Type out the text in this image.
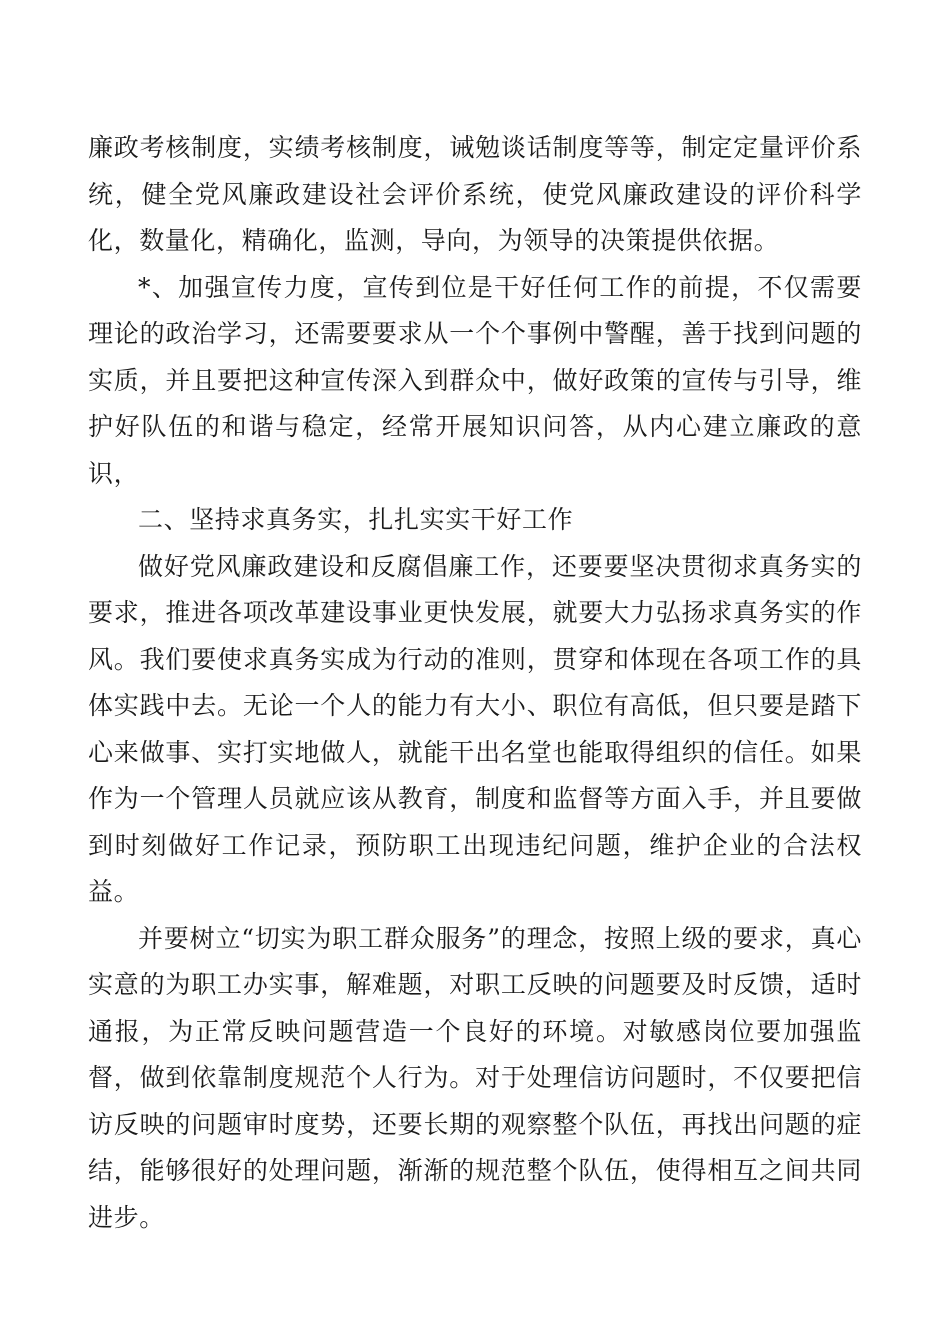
廉政考核制度，实绩考核制度，诫勉谈话制度等等，制定定量评价系统，健全党风廉政建设社会评价系统，使党风廉政建设的评价科学化，数量化，精确化，监测，导向，为领导的决策提供依据。

*、加强宣传力度，宣传到位是干好任何工作的前提，不仅需要理论的政治学习，还需要要求从一个个事例中警醒，善于找到问题的实质，并且要把这种宣传深入到群众中，做好政策的宣传与引导，维护好队伍的和谐与稳定，经常开展知识问答，从内心建立廉政的意识，

二、坚持求真务实，扎扎实实干好工作

做好党风廉政建设和反腐倡廉工作，还要要坚决贯彻求真务实的要求，推进各项改革建设事业更快发展，就要大力弘扬求真务实的作风。我们要使求真务实成为行动的准则，贯穿和体现在各项工作的具体实践中去。无论一个人的能力有大小、职位有高低，但只要是踏下心来做事、实打实地做人，就能干出名堂也能取得组织的信任。如果作为一个管理人员就应该从教育，制度和监督等方面入手，并且要做到时刻做好工作记录，预防职工出现违纪问题，维护企业的合法权益。

并要树立“切实为职工群众服务”的理念，按照上级的要求，真心实意的为职工办实事，解难题，对职工反映的问题要及时反馈，适时通报，为正常反映问题营造一个良好的环境。对敏感岗位要加强监督，做到依靠制度规范个人行为。对于处理信访问题时，不仅要把信访反映的问题审时度势，还要长期的观察整个队伍，再找出问题的症结，能够很好的处理问题，渐渐的规范整个队伍，使得相互之间共同进步。
